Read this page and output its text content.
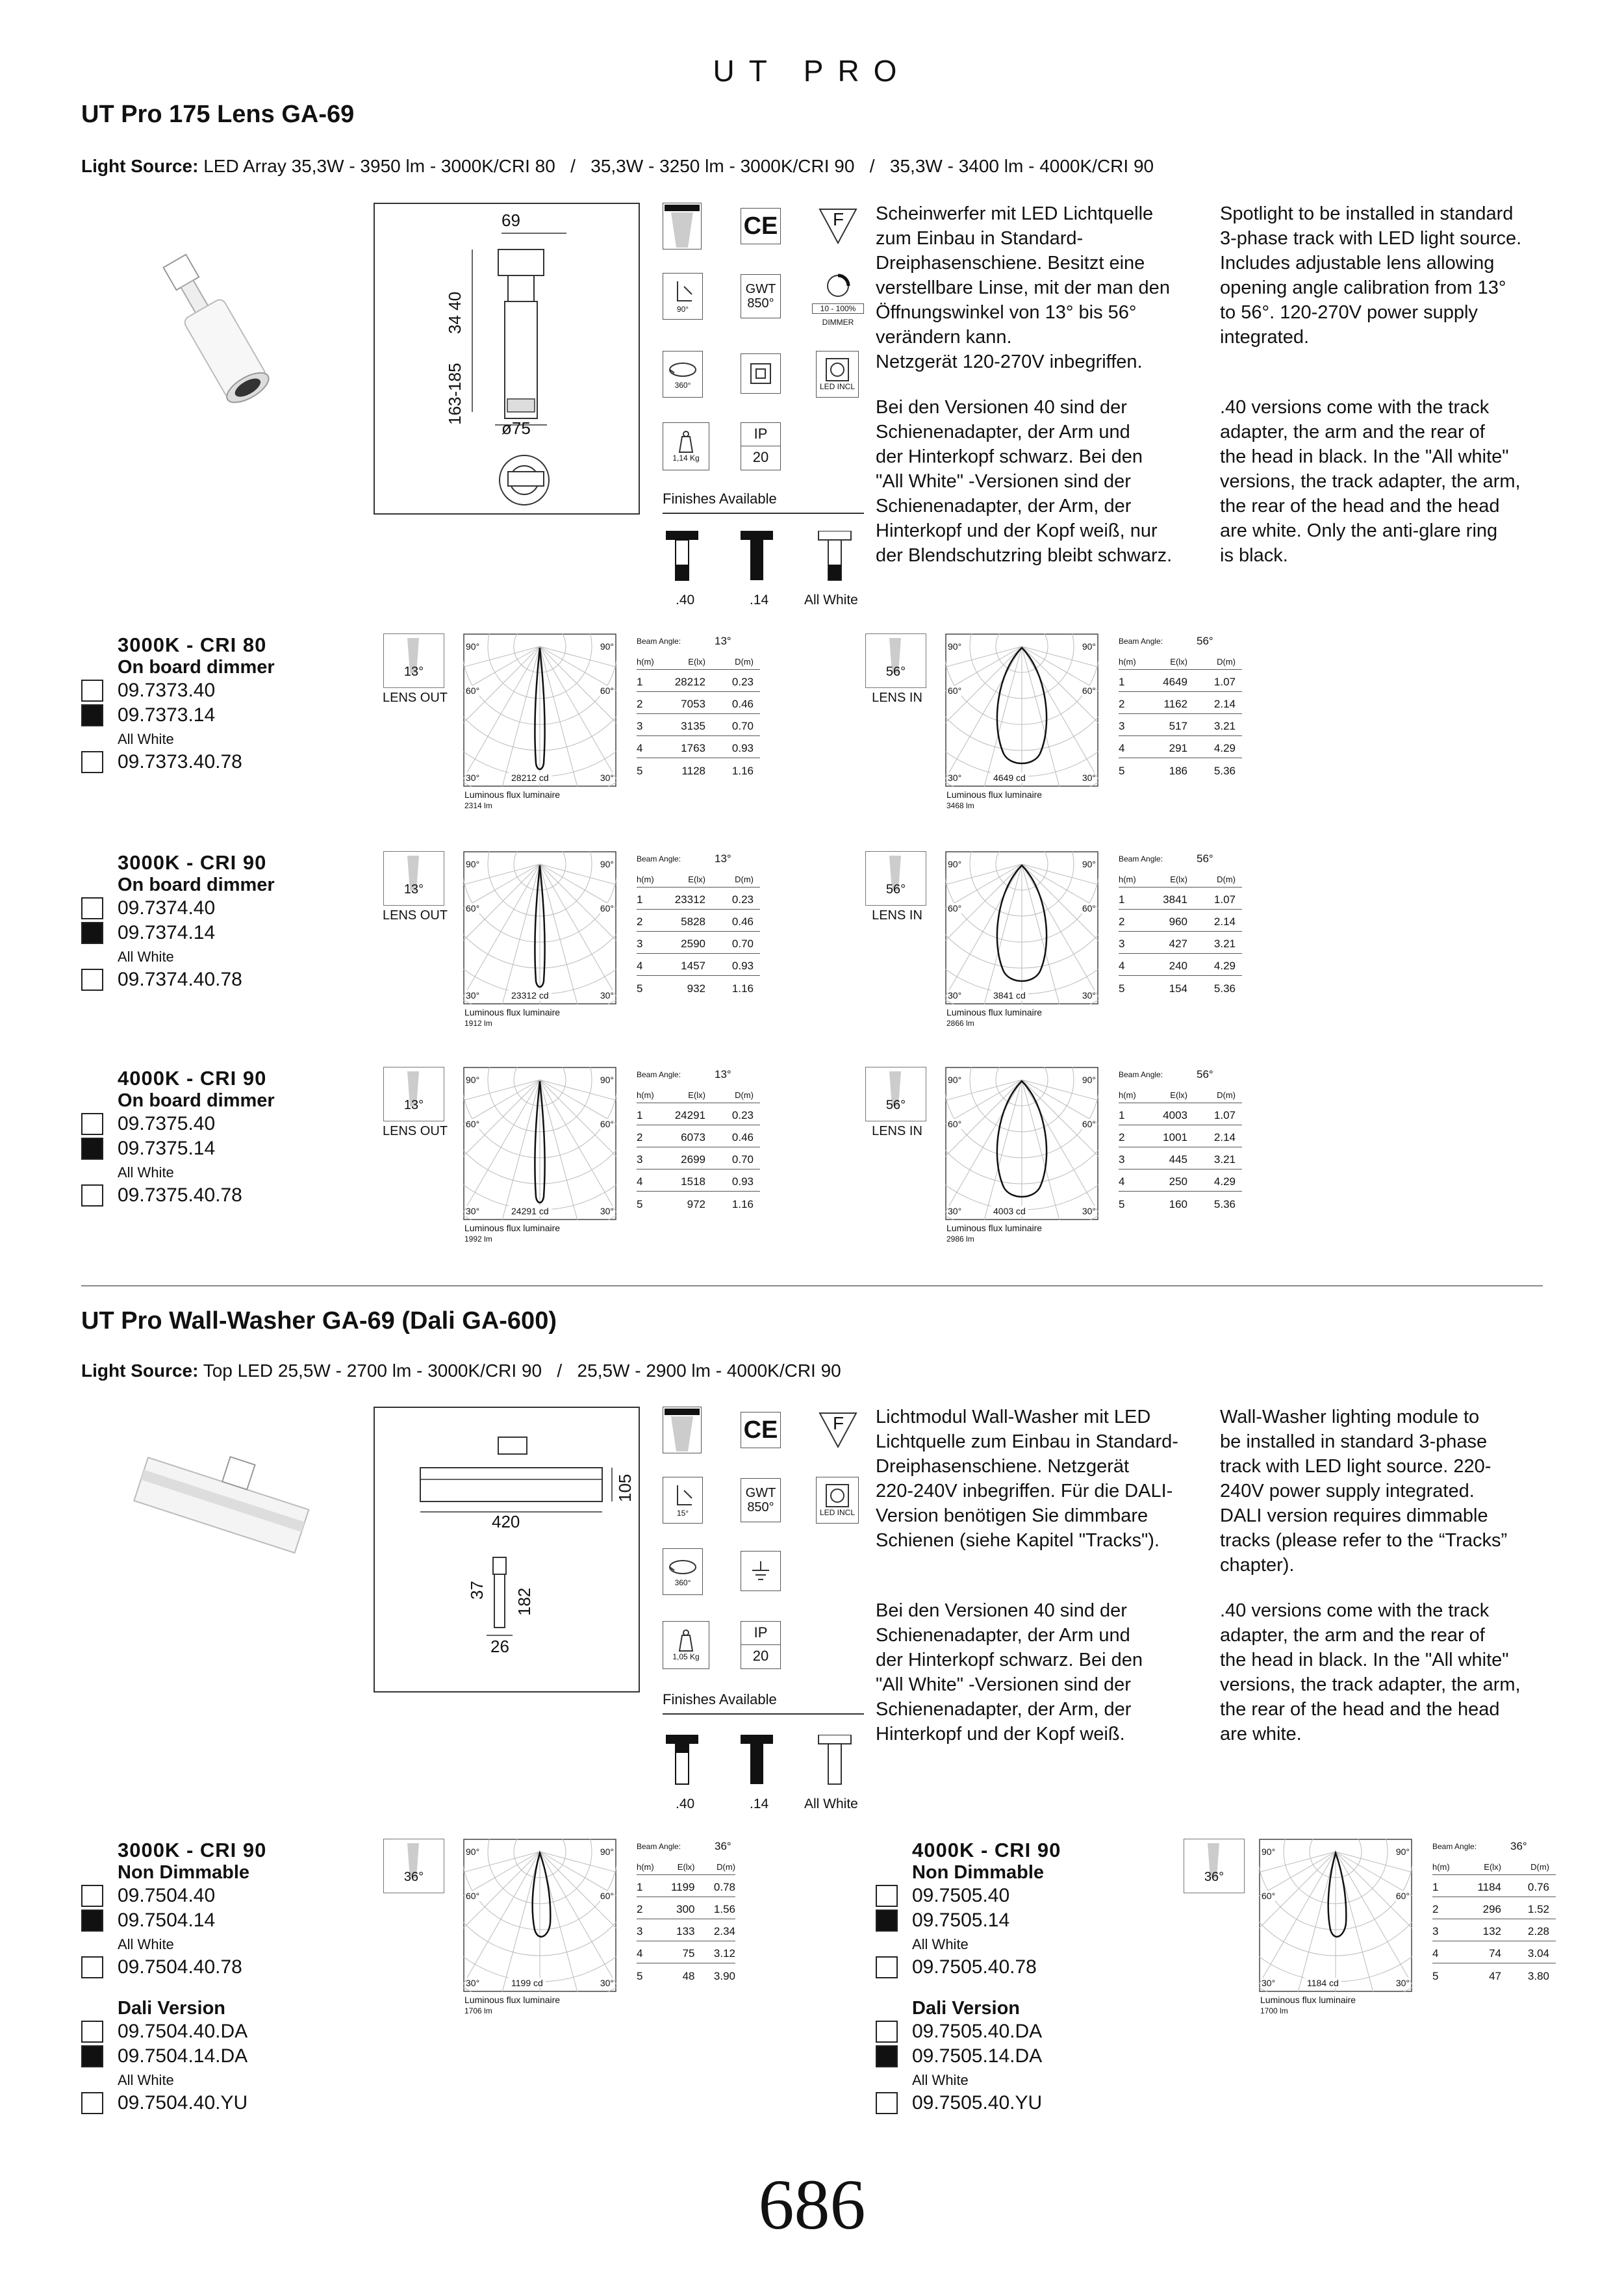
UT PRO
UT Pro 175 Lens GA-69
Light Source: LED Array 35,3W - 3950 lm - 3000K/CRI 80   /   35,3W - 3250 lm - 3000K/CRI 90   /   35,3W - 3400 lm - 4000K/CRI 90
69
34 40
163-185
ø75
CE	F
90°
GWT
850°	10 - 100%
DIMMER
360°	LED INCL
1,14 Kg
IP
20
Finishes Available
.40	.14	All White
Scheinwerfer mit LED Lichtquelle
zum Einbau in Standard-
Dreiphasenschiene. Besitzt eine
verstellbare Linse, mit der man den
Öffnungswinkel von 13° bis 56°
verändern kann.
Netzgerät 120-270V inbegriffen.
Bei den Versionen 40 sind der
Schienenadapter, der Arm und
der Hinterkopf schwarz. Bei den
"All White" -Versionen sind der
Schienenadapter, der Arm, der
Hinterkopf und der Kopf weiß, nur
der Blendschutzring bleibt schwarz.
Spotlight to be installed in standard
3-phase track with LED light source.
Includes adjustable lens allowing
opening angle calibration from 13°
to 56°. 120-270V power supply
integrated.
.40 versions come with the track
adapter, the arm and the rear of
the head in black. In the "All white"
versions, the track adapter, the arm,
the rear of the head and the head
are white. Only the anti-glare ring
is black.
3000K - CRI 80
On board dimmer
09.7373.40
09.7373.14
All White
09.7373.40.78
13°
LENS OUT
90°	90°
60°	60°
30°	30°
28212 cd
Luminous flux luminaire
2314 lm
Beam Angle:	13°
h(m)	E(lx)	D(m)
1	28212	0.23
2	7053	0.46
3	3135	0.70
4	1763	0.93
5	1128	1.16
56°
LENS IN
90°	90°
60°	60°
30°	30°
4649 cd
Luminous flux luminaire
3468 lm
Beam Angle:	56°
h(m)	E(lx)	D(m)
1	4649	1.07
2	1162	2.14
3	517	3.21
4	291	4.29
5	186	5.36
3000K - CRI 90
On board dimmer
09.7374.40
09.7374.14
All White
09.7374.40.78
13°
LENS OUT
90°	90°
60°	60°
30°	30°
23312 cd
Luminous flux luminaire
1912 lm
Beam Angle:	13°
h(m)	E(lx)	D(m)
1	23312	0.23
2	5828	0.46
3	2590	0.70
4	1457	0.93
5	932	1.16
56°
LENS IN
90°	90°
60°	60°
30°	30°
3841 cd
Luminous flux luminaire
2866 lm
Beam Angle:	56°
h(m)	E(lx)	D(m)
1	3841	1.07
2	960	2.14
3	427	3.21
4	240	4.29
5	154	5.36
4000K - CRI 90
On board dimmer
09.7375.40
09.7375.14
All White
09.7375.40.78
13°
LENS OUT
90°	90°
60°	60°
30°	30°
24291 cd
Luminous flux luminaire
1992 lm
Beam Angle:	13°
h(m)	E(lx)	D(m)
1	24291	0.23
2	6073	0.46
3	2699	0.70
4	1518	0.93
5	972	1.16
56°
LENS IN
90°	90°
60°	60°
30°	30°
4003 cd
Luminous flux luminaire
2986 lm
Beam Angle:	56°
h(m)	E(lx)	D(m)
1	4003	1.07
2	1001	2.14
3	445	3.21
4	250	4.29
5	160	5.36
UT Pro Wall-Washer GA-69 (Dali GA-600)
Light Source: Top LED 25,5W - 2700 lm - 3000K/CRI 90   /   25,5W - 2900 lm - 4000K/CRI 90
420
105
37 182
26
CE	F
15°
GWT
850°	LED INCL
360°
1,05 Kg
IP
20
Finishes Available
.40	.14	All White
Lichtmodul Wall-Washer mit LED
Lichtquelle zum Einbau in Standard-
Dreiphasenschiene. Netzgerät
220-240V inbegriffen. Für die DALI-
Version benötigen Sie dimmbare
Schienen (siehe Kapitel "Tracks").
Bei den Versionen 40 sind der
Schienenadapter, der Arm und
der Hinterkopf schwarz. Bei den
"All White" -Versionen sind der
Schienenadapter, der Arm, der
Hinterkopf und der Kopf weiß.
Wall-Washer lighting module to
be installed in standard 3-phase
track with LED light source. 220-
240V power supply integrated.
DALI version requires dimmable
tracks (please refer to the “Tracks”
chapter).
.40 versions come with the track
adapter, the arm and the rear of
the head in black. In the "All white"
versions, the track adapter, the arm,
the rear of the head and the head
are white.
3000K - CRI 90
Non Dimmable
09.7504.40
09.7504.14
All White
09.7504.40.78
Dali Version
09.7504.40.DA
09.7504.14.DA
All White
09.7504.40.YU
36°
90°	90°
60°	60°
30°	30°
1199 cd
Luminous flux luminaire
1706 lm
Beam Angle:	36°
h(m)	E(lx)	D(m)
1	1199	0.78
2	300	1.56
3	133	2.34
4	75	3.12
5	48	3.90
4000K - CRI 90
Non Dimmable
09.7505.40
09.7505.14
All White
09.7505.40.78
Dali Version
09.7505.40.DA
09.7505.14.DA
All White
09.7505.40.YU
36°
90°	90°
60°	60°
30°	30°
1184 cd
Luminous flux luminaire
1700 lm
Beam Angle:	36°
h(m)	E(lx)	D(m)
1	1184	0.76
2	296	1.52
3	132	2.28
4	74	3.04
5	47	3.80
686
